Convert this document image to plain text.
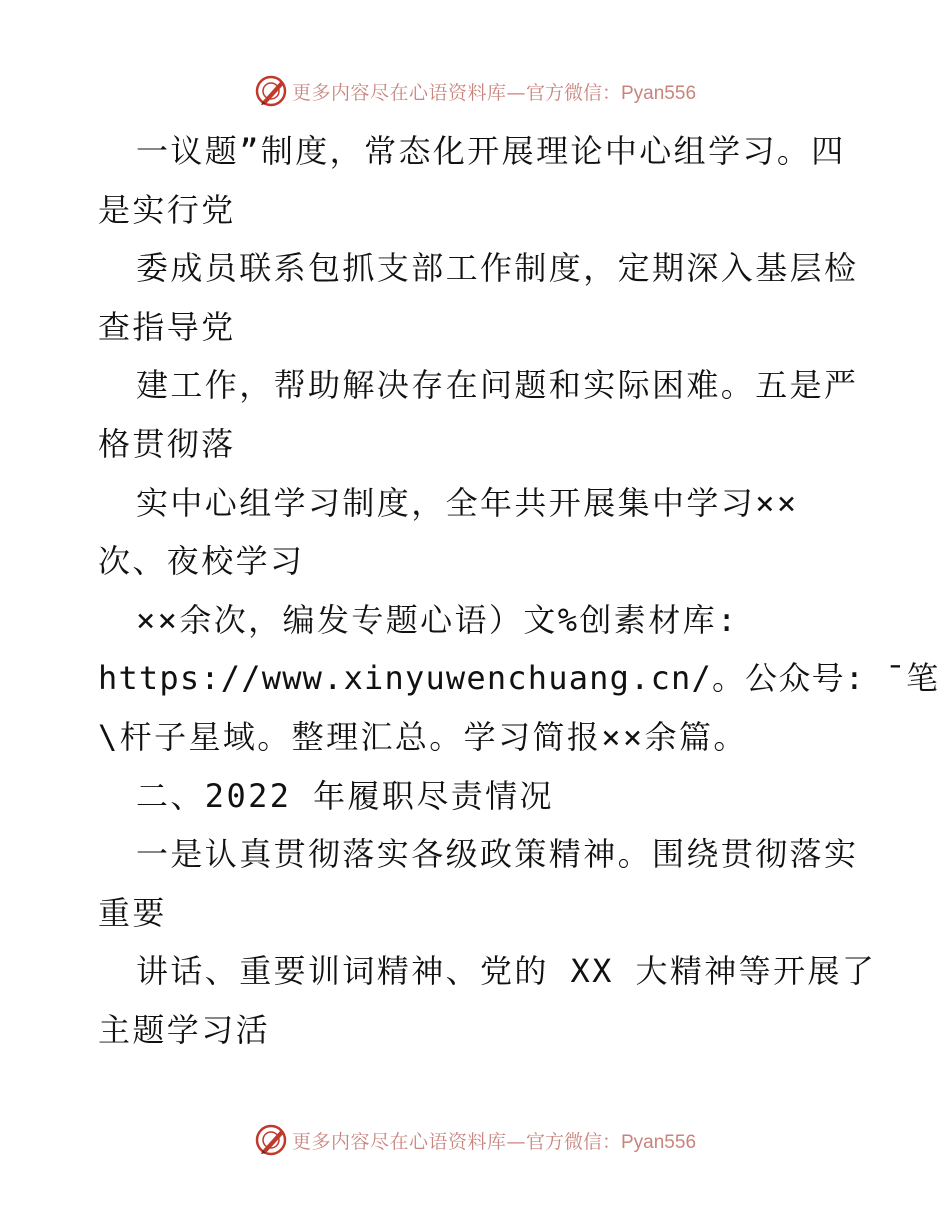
更多内容尽在心语资料库— 官方微信：Pyan556
一议题”制度，常态化开展理论中心组学习。四
是实行党
委成员联系包抓支部工作制度，定期深入基层检
查指导党
建工作，帮助解决存在问题和实际困难。五是严
格贯彻落
实中心组学习制度，全年共开展集中学习××
次、夜校学习
××余次，编发专题心语）文%创素材库:
https://www.xinyuwenchuang.cn/。公众号: ¯笔
\杆子星域。整理汇总。学习简报××余篇。
二、2022 年履职尽责情况
一是认真贯彻落实各级政策精神。围绕贯彻落实
重要
讲话、重要训词精神、党的 XX 大精神等开展了
主题学习活
更多内容尽在心语资料库— 官方微信：Pyan556
